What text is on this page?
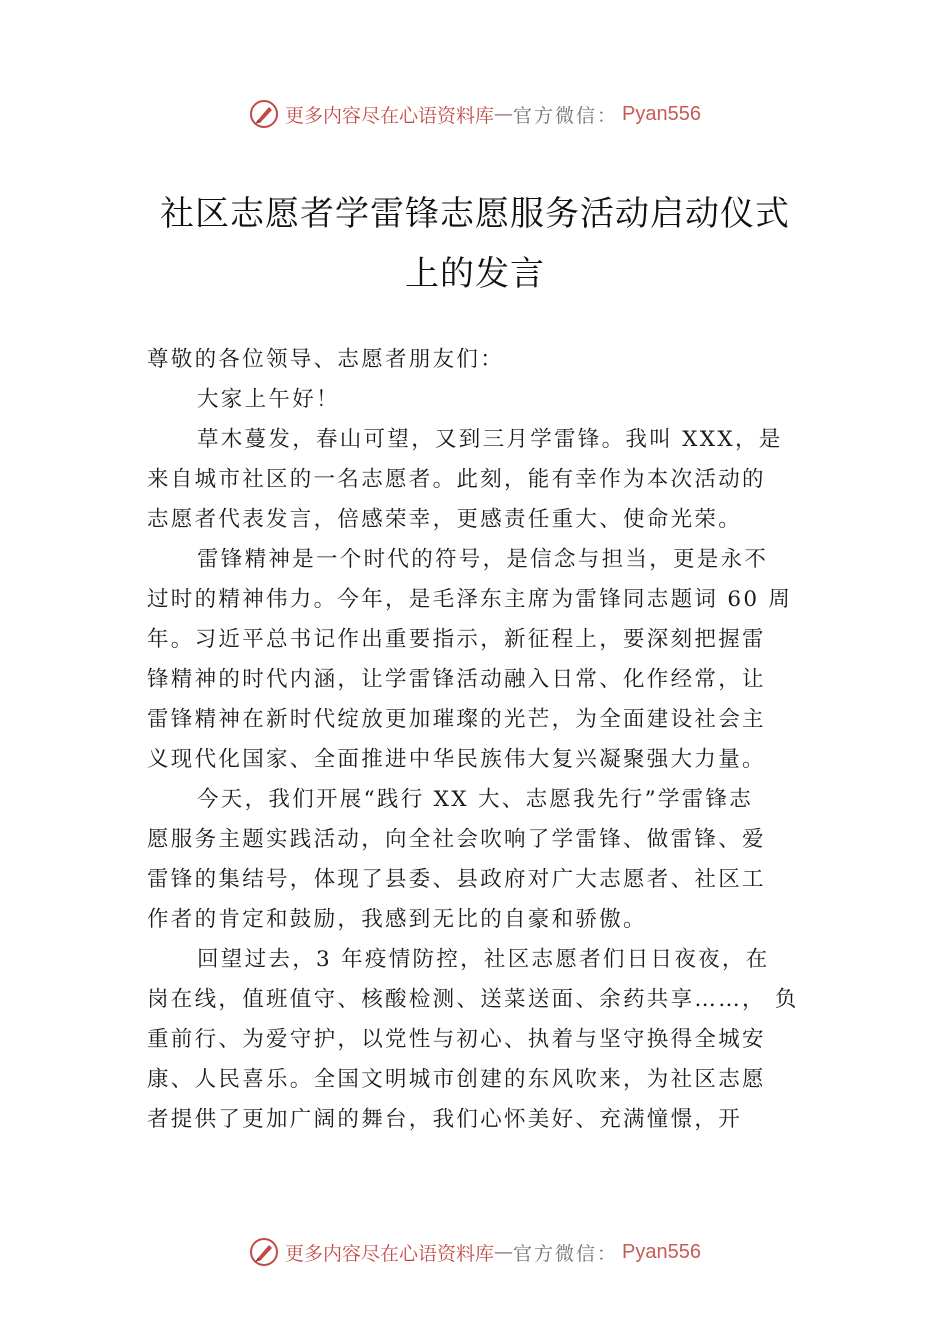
更多内容尽在心语资料库 — 官方微信： Pyan556
社区志愿者学雷锋志愿服务活动启动仪式
上的发言
尊敬的各位领导、志愿者朋友们：
大家上午好！
草木蔓发，春山可望，又到三月学雷锋。我叫 XXX，是
来自城市社区的一名志愿者。此刻，能有幸作为本次活动的
志愿者代表发言，倍感荣幸，更感责任重大、使命光荣。
雷锋精神是一个时代的符号，是信念与担当，更是永不
过时的精神伟力。今年，是毛泽东主席为雷锋同志题词 60 周
年。习近平总书记作出重要指示，新征程上，要深刻把握雷
锋精神的时代内涵，让学雷锋活动融入日常、化作经常，让
雷锋精神在新时代绽放更加璀璨的光芒，为全面建设社会主
义现代化国家、全面推进中华民族伟大复兴凝聚强大力量。
今天，我们开展“践行 XX 大、志愿我先行”学雷锋志
愿服务主题实践活动，向全社会吹响了学雷锋、做雷锋、爱
雷锋的集结号，体现了县委、县政府对广大志愿者、社区工
作者的肯定和鼓励，我感到无比的自豪和骄傲。
回望过去，3 年疫情防控，社区志愿者们日日夜夜，在
岗在线，值班值守、核酸检测、送菜送面、余药共享……， 负
重前行、为爱守护，以党性与初心、执着与坚守换得全城安
康、人民喜乐。全国文明城市创建的东风吹来，为社区志愿
者提供了更加广阔的舞台，我们心怀美好、充满憧憬，开
更多内容尽在心语资料库 — 官方微信： Pyan556
